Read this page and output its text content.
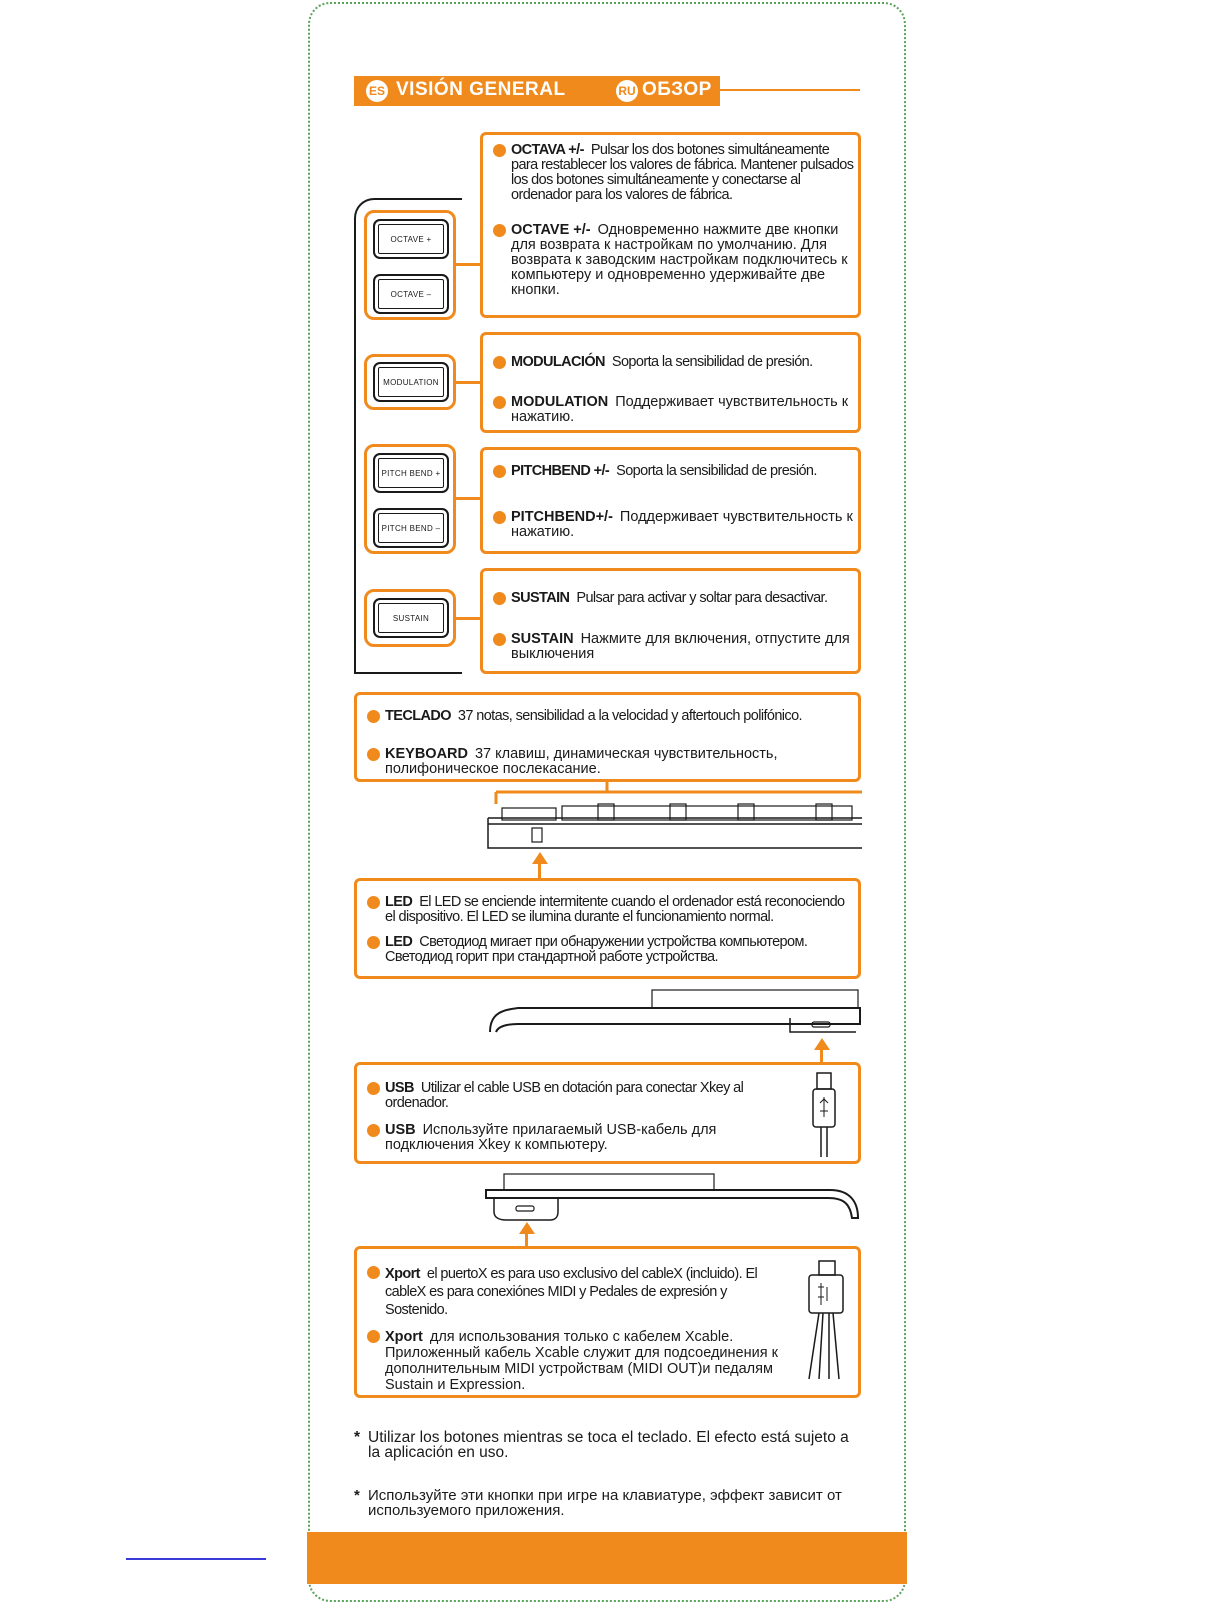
ES VISIÓN GENERAL	RU ОБЗОР
OCTAVE +
OCTAVE –
MODULATION
PITCH BEND +
PITCH BEND –
SUSTAIN
OCTAVA +/- Pulsar los dos botones simultáneamente para restablecer los valores de fábrica. Mantener pulsados los dos botones simultáneamente y conectarse al ordenador para los valores de fábrica.
OCTAVE +/- Одновременно нажмите две кнопки для возврата к настройкам по умолчанию. Для возврата к заводским настройкам подключитесь к компьютеру и одновременно удерживайте две кнопки.
MODULACIÓN Soporta la sensibilidad de presión.
MODULATION Поддерживает чувствительность к нажатию.
PITCHBEND +/- Soporta la sensibilidad de presión.
PITCHBEND+/- Поддерживает чувствительность к нажатию.
SUSTAIN Pulsar para activar y soltar para desactivar.
SUSTAIN Нажмите для включения, отпустите для выключения
TECLADO 37 notas, sensibilidad a la velocidad y aftertouch polifónico.
KEYBOARD 37 клавиш, динамическая чувствительность, полифоническое послекасание.
LED El LED se enciende intermitente cuando el ordenador está reconociendo el dispositivo. El LED se ilumina durante el funcionamiento normal.
LED Светодиод мигает при обнаружении устройства компьютером. Светодиод горит при стандартной работе устройства.
USB Utilizar el cable USB en dotación para conectar Xkey al ordenador.
USB Используйте прилагаемый USB-кабель для подключения Xkey к компьютеру.
Xport el puertoX es para uso exclusivo del cableX (incluido). El cableX es para conexiónes MIDI y Pedales de expresión y Sostenido.
Xport для использования только с кабелем Xcable. Приложенный кабель Xcable служит для подсоединения к дополнительным MIDI устройствам (MIDI OUT)и педалям Sustain и Expression.
* Utilizar los botones mientras se toca el teclado. El efecto está sujeto a la aplicación en uso.
* Используйте эти кнопки при игре на клавиатуре, эффект зависит от используемого приложения.
